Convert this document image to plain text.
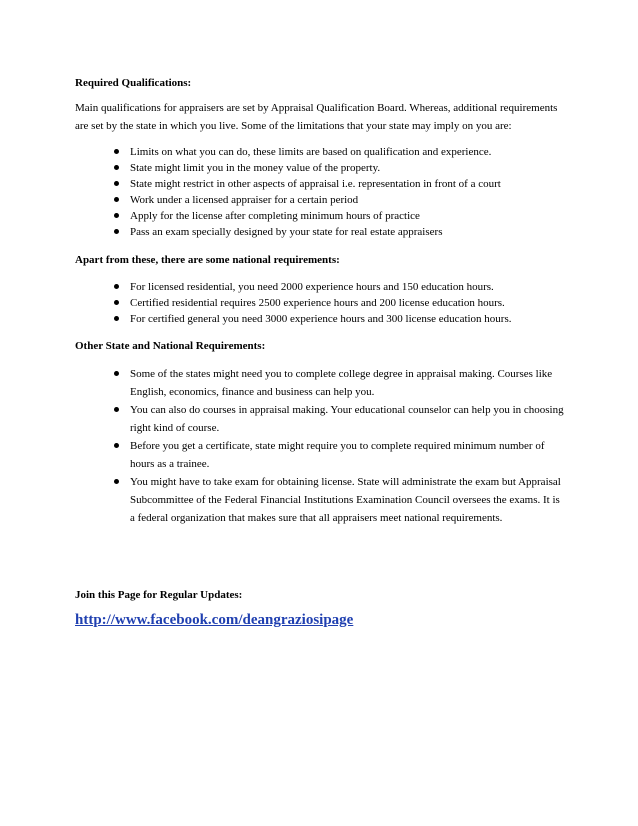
Required Qualifications:

Main qualifications for appraisers are set by Appraisal Qualification Board. Whereas, additional requirements are set by the state in which you live. Some of the limitations that your state may imply on you are:

Limits on what you can do, these limits are based on qualification and experience.
State might limit you in the money value of the property.
State might restrict in other aspects of appraisal i.e. representation in front of a court
Work under a licensed appraiser for a certain period
Apply for the license after completing minimum hours of practice
Pass an exam specially designed by your state for real estate appraisers

Apart from these, there are some national requirements:

For licensed residential, you need 2000 experience hours and 150 education hours.
Certified residential requires 2500 experience hours and 200 license education hours.
For certified general you need 3000 experience hours and 300 license education hours.

Other State and National Requirements:

Some of the states might need you to complete college degree in appraisal making. Courses like English, economics, finance and business can help you.
You can also do courses in appraisal making. Your educational counselor can help you in choosing right kind of course.
Before you get a certificate, state might require you to complete required minimum number of hours as a trainee.
You might have to take exam for obtaining license. State will administrate the exam but Appraisal Subcommittee of the Federal Financial Institutions Examination Council oversees the exams. It is a federal organization that makes sure that all appraisers meet national requirements.

Join this Page for Regular Updates:

http://www.facebook.com/deangraziosipage
